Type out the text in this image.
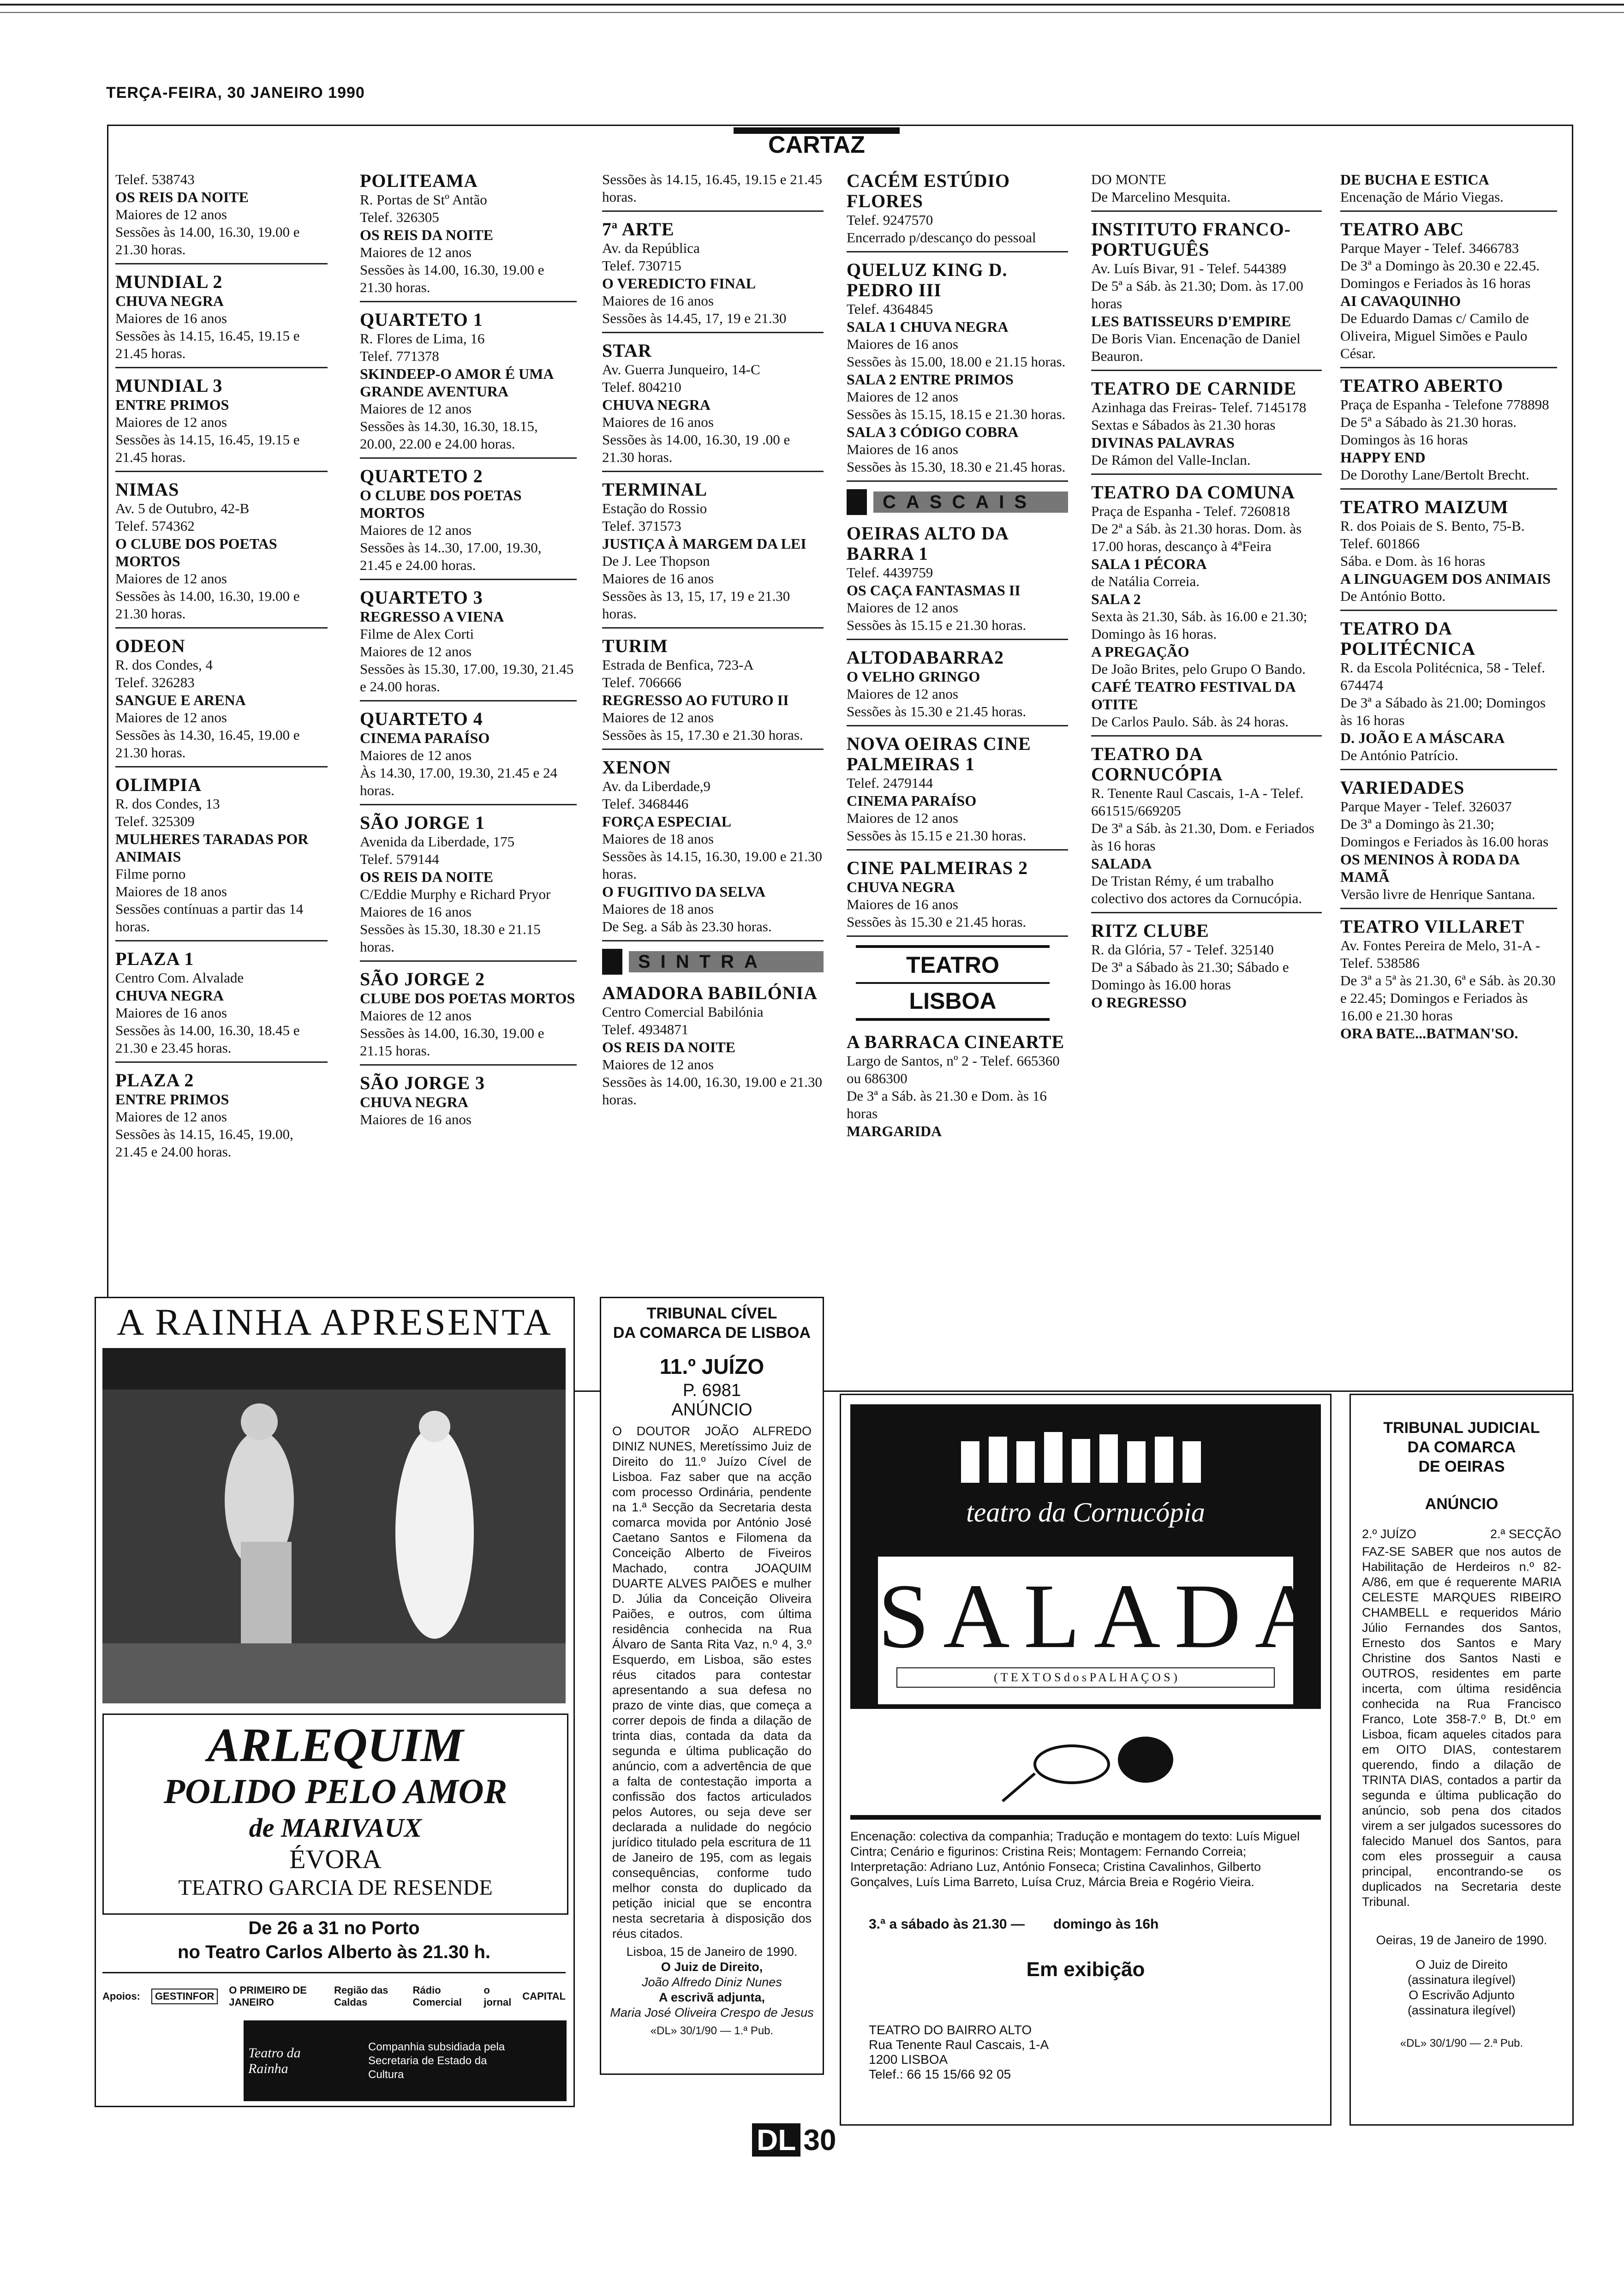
TERÇA-FEIRA, 30 JANEIRO 1990
CARTAZ
Telef. 538743
OS REIS DA NOITE
Maiores de 12 anos
Sessões às 14.00, 16.30, 19.00 e 21.30 horas.
MUNDIAL 2
CHUVA NEGRA
Maiores de 16 anos
Sessões às 14.15, 16.45, 19.15 e 21.45 horas.
MUNDIAL 3
ENTRE PRIMOS
Maiores de 12 anos
Sessões às 14.15, 16.45, 19.15 e 21.45 horas.
NIMAS
Av. 5 de Outubro, 42-B
Telef. 574362
O CLUBE DOS POETAS MORTOS
Maiores de 12 anos
Sessões às 14.00, 16.30, 19.00 e 21.30 horas.
ODEON
R. dos Condes, 4
Telef. 326283
SANGUE E ARENA
Maiores de 12 anos
Sessões às 14.30, 16.45, 19.00 e 21.30 horas.
OLIMPIA
R. dos Condes, 13
Telef. 325309
MULHERES TARADAS POR ANIMAIS
Filme porno
Maiores de 18 anos
Sessões contínuas a partir das 14 horas.
PLAZA 1
Centro Com. Alvalade
CHUVA NEGRA
Maiores de 16 anos
Sessões às 14.00, 16.30, 18.45 e 21.30 e 23.45 horas.
PLAZA 2
ENTRE PRIMOS
Maiores de 12 anos
Sessões às 14.15, 16.45, 19.00, 21.45 e 24.00 horas.
POLITEAMA
R. Portas de Stº Antão
Telef. 326305
OS REIS DA NOITE
Maiores de 12 anos
Sessões às 14.00, 16.30, 19.00 e 21.30 horas.
QUARTETO 1
R. Flores de Lima, 16
Telef. 771378
SKINDEEP-O AMOR É UMA GRANDE AVENTURA
Maiores de 12 anos
Sessões às 14.30, 16.30, 18.15, 20.00, 22.00 e 24.00 horas.
QUARTETO 2
O CLUBE DOS POETAS MORTOS
Maiores de 12 anos
Sessões às 14..30, 17.00, 19.30, 21.45 e 24.00 horas.
QUARTETO 3
REGRESSO A VIENA
Filme de Alex Corti
Maiores de 12 anos
Sessões às 15.30, 17.00, 19.30, 21.45 e 24.00 horas.
QUARTETO 4
CINEMA PARAÍSO
Maiores de 12 anos
Às 14.30, 17.00, 19.30, 21.45 e 24 horas.
SÃO JORGE 1
Avenida da Liberdade, 175
Telef. 579144
OS REIS DA NOITE
C/Eddie Murphy e Richard Pryor
Maiores de 16 anos
Sessões às 15.30, 18.30 e 21.15 horas.
SÃO JORGE 2
CLUBE DOS POETAS MORTOS
Maiores de 12 anos
Sessões às 14.00, 16.30, 19.00 e 21.15 horas.
SÃO JORGE 3
CHUVA NEGRA
Maiores de 16 anos
Sessões às 14.15, 16.45, 19.15 e 21.45 horas.
7ª ARTE
Av. da República
Telef. 730715
O VEREDICTO FINAL
Maiores de 16 anos
Sessões às 14.45, 17, 19 e 21.30
STAR
Av. Guerra Junqueiro, 14-C
Telef. 804210
CHUVA NEGRA
Maiores de 16 anos
Sessões às 14.00, 16.30, 19 .00 e 21.30 horas.
TERMINAL
Estação do Rossio
Telef. 371573
JUSTIÇA À MARGEM DA LEI
De J. Lee Thopson
Maiores de 16 anos
Sessões às 13, 15, 17, 19 e 21.30 horas.
TURIM
Estrada de Benfica, 723-A
Telef. 706666
REGRESSO AO FUTURO II
Maiores de 12 anos
Sessões às 15, 17.30 e 21.30 horas.
XENON
Av. da Liberdade,9
Telef. 3468446
FORÇA ESPECIAL
Maiores de 18 anos
Sessões às 14.15, 16.30, 19.00 e 21.30 horas.
O FUGITIVO DA SELVA
Maiores de 18 anos
De Seg. a Sáb às 23.30 horas.
SINTRA
AMADORA BABILÓNIA
Centro Comercial Babilónia
Telef. 4934871
OS REIS DA NOITE
Maiores de 12 anos
Sessões às 14.00, 16.30, 19.00 e 21.30 horas.
CACÉM ESTÚDIO FLORES
Telef. 9247570
Encerrado p/descanço do pessoal
QUELUZ KING D. PEDRO III
Telef. 4364845
SALA 1 CHUVA NEGRA
Maiores de 16 anos
Sessões às 15.00, 18.00 e 21.15 horas.
SALA 2 ENTRE PRIMOS
Maiores de 12 anos
Sessões às 15.15, 18.15 e 21.30 horas.
SALA 3 CÓDIGO COBRA
Maiores de 16 anos
Sessões às 15.30, 18.30 e 21.45 horas.
CASCAIS
OEIRAS ALTO DA BARRA 1
Telef. 4439759
OS CAÇA FANTASMAS II
Maiores de 12 anos
Sessões às 15.15 e 21.30 horas.
ALTODABARRA2
O VELHO GRINGO
Maiores de 12 anos
Sessões às 15.30 e 21.45 horas.
NOVA OEIRAS CINE PALMEIRAS 1
Telef. 2479144
CINEMA PARAÍSO
Maiores de 12 anos
Sessões às 15.15 e 21.30 horas.
CINE PALMEIRAS 2
CHUVA NEGRA
Maiores de 16 anos
Sessões às 15.30 e 21.45 horas.
TEATRO
LISBOA
A BARRACA CINEARTE
Largo de Santos, nº 2 - Telef. 665360 ou 686300
De 3ª a Sáb. às 21.30 e Dom. às 16 horas
MARGARIDA
DO MONTE
De Marcelino Mesquita.
INSTITUTO FRANCO-PORTUGUÊS
Av. Luís Bivar, 91 - Telef. 544389
De 5ª a Sáb. às 21.30; Dom. às 17.00 horas
LES BATISSEURS D'EMPIRE
De Boris Vian. Encenação de Daniel Beauron.
TEATRO DE CARNIDE
Azinhaga das Freiras- Telef. 7145178
Sextas e Sábados às 21.30 horas
DIVINAS PALAVRAS
De Rámon del Valle-Inclan.
TEATRO DA COMUNA
Praça de Espanha - Telef. 7260818
De 2ª a Sáb. às 21.30 horas. Dom. às 17.00 horas, descanço à 4ªFeira
SALA 1 PÉCORA
de Natália Correia.
SALA 2
Sexta às 21.30, Sáb. às 16.00 e 21.30; Domingo às 16 horas.
A PREGAÇÃO
De João Brites, pelo Grupo O Bando.
CAFÉ TEATRO FESTIVAL DA OTITE
De Carlos Paulo. Sáb. às 24 horas.
TEATRO DA CORNUCÓPIA
R. Tenente Raul Cascais, 1-A - Telef. 661515/669205
De 3ª a Sáb. às 21.30, Dom. e Feriados às 16 horas
SALADA
De Tristan Rémy, é um trabalho colectivo dos actores da Cornucópia.
RITZ CLUBE
R. da Glória, 57 - Telef. 325140
De 3ª a Sábado às 21.30; Sábado e Domingo às 16.00 horas
O REGRESSO
DE BUCHA E ESTICA
Encenação de Mário Viegas.
TEATRO ABC
Parque Mayer - Telef. 3466783
De 3ª a Domingo às 20.30 e 22.45. Domingos e Feriados às 16 horas
AI CAVAQUINHO
De Eduardo Damas c/ Camilo de Oliveira, Miguel Simões e Paulo César.
TEATRO ABERTO
Praça de Espanha - Telefone 778898
De 5ª a Sábado às 21.30 horas. Domingos às 16 horas
HAPPY END
De Dorothy Lane/Bertolt Brecht.
TEATRO MAIZUM
R. dos Poiais de S. Bento, 75-B. Telef. 601866
Sába. e Dom. às 16 horas
A LINGUAGEM DOS ANIMAIS
De António Botto.
TEATRO DA POLITÉCNICA
R. da Escola Politécnica, 58 - Telef. 674474
De 3ª a Sábado às 21.00; Domingos às 16 horas
D. JOÃO E A MÁSCARA
De António Patrício.
VARIEDADES
Parque Mayer - Telef. 326037
De 3ª a Domingo às 21.30; Domingos e Feriados às 16.00 horas
OS MENINOS À RODA DA MAMÃ
Versão livre de Henrique Santana.
TEATRO VILLARET
Av. Fontes Pereira de Melo, 31-A - Telef. 538586
De 3ª a 5ª às 21.30, 6ª e Sáb. às 20.30 e 22.45; Domingos e Feriados às 16.00 e 21.30 horas
ORA BATE...BATMAN'SO.
A RAINHA APRESENTA
ARLEQUIM
POLIDO PELO AMOR
de MARIVAUX
ÉVORA
TEATRO GARCIA DE RESENDE
De 26 a 31 no Porto
no Teatro Carlos Alberto às 21.30 h.
Apoios:	GESTINFOR
O PRIMEIRO DE JANEIRO
Região das Caldas
Rádio Comercial
o jornal
CAPITAL
Teatro da Rainha
Companhia subsidiada pela Secretaria de Estado da Cultura
TRIBUNAL CÍVEL
DA COMARCA DE LISBOA
11.º JUÍZO
P. 6981
ANÚNCIO
O DOUTOR JOÃO ALFREDO DINIZ NUNES, Meretíssimo Juiz de Direito do 11.º Juízo Cível de Lisboa. Faz saber que na acção com processo Ordinária, pendente na 1.ª Secção da Secretaria desta comarca movida por António José Caetano Santos e Filomena da Conceição Alberto de Fiveiros Machado, contra JOAQUIM DUARTE ALVES PAIÕES e mulher D. Júlia da Conceição Oliveira Paiões, e outros, com última residência conhecida na Rua Álvaro de Santa Rita Vaz, n.º 4, 3.º Esquerdo, em Lisboa, são estes réus citados para contestar apresentando a sua defesa no prazo de vinte dias, que começa a correr depois de finda a dilação de trinta dias, contada da data da segunda e última publicação do anúncio, com a advertência de que a falta de contestação importa a confissão dos factos articulados pelos Autores, ou seja deve ser declarada a nulidade do negócio jurídico titulado pela escritura de 11 de Janeiro de 195, com as legais consequências, conforme tudo melhor consta do duplicado da petição inicial que se encontra nesta secretaria à disposição dos réus citados.
Lisboa, 15 de Janeiro de 1990.
O Juiz de Direito,
João Alfredo Diniz Nunes
A escrivã adjunta,
Maria José Oliveira Crespo de Jesus
«DL» 30/1/90 — 1.ª Pub.
teatro da Cornucópia
SALADA
( T E X T O S d o s P A L H A Ç O S )
Encenação: colectiva da companhia; Tradução e montagem do texto: Luís Miguel Cintra; Cenário e figurinos: Cristina Reis; Montagem: Fernando Correia; Interpretação: Adriano Luz, António Fonseca; Cristina Cavalinhos, Gilberto Gonçalves, Luís Lima Barreto, Luísa Cruz, Márcia Breia e Rogério Vieira.
3.ª a sábado às 21.30 — domingo às 16h
Em exibição
TEATRO DO BAIRRO ALTO
Rua Tenente Raul Cascais, 1-A
1200 LISBOA
Telef.: 66 15 15/66 92 05
TRIBUNAL JUDICIAL
DA COMARCA
DE OEIRAS
ANÚNCIO
2.º JUÍZO	2.ª SECÇÃO
FAZ-SE SABER que nos autos de Habilitação de Herdeiros n.º 82-A/86, em que é requerente MARIA CELESTE MARQUES RIBEIRO CHAMBELL e requeridos Mário Júlio Fernandes dos Santos, Ernesto dos Santos e Mary Christine dos Santos Nasti e OUTROS, residentes em parte incerta, com última residência conhecida na Rua Francisco Franco, Lote 358-7.º B, Dt.º em Lisboa, ficam aqueles citados para em OITO DIAS, contestarem querendo, findo a dilação de TRINTA DIAS, contados a partir da segunda e última publicação do anúncio, sob pena dos citados virem a ser julgados sucessores do falecido Manuel dos Santos, para com eles prosseguir a causa principal, encontrando-se os duplicados na Secretaria deste Tribunal.
Oeiras, 19 de Janeiro de 1990.
O Juiz de Direito
(assinatura ilegível)
O Escrivão Adjunto
(assinatura ilegível)
«DL» 30/1/90 — 2.ª Pub.
DL 30
